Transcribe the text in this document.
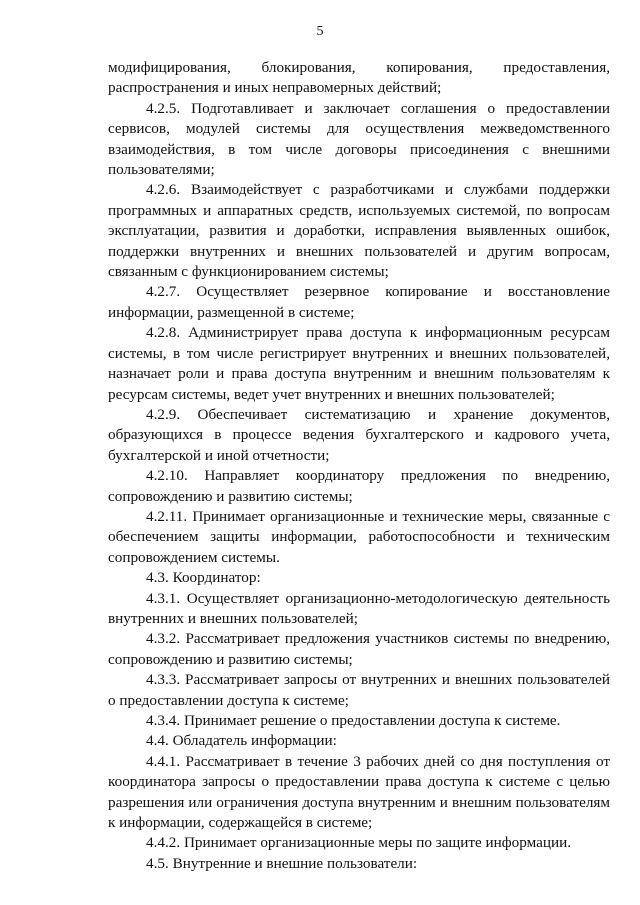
5

модифицирования, блокирования, копирования, предоставления, распространения и иных неправомерных действий;

4.2.5. Подготавливает и заключает соглашения о предоставлении сервисов, модулей системы для осуществления межведомственного взаимодействия, в том числе договоры присоединения с внешними пользователями;

4.2.6. Взаимодействует с разработчиками и службами поддержки программных и аппаратных средств, используемых системой, по вопросам эксплуатации, развития и доработки, исправления выявленных ошибок, поддержки внутренних и внешних пользователей и другим вопросам, связанным с функционированием системы;

4.2.7. Осуществляет резервное копирование и восстановление информации, размещенной в системе;

4.2.8. Администрирует права доступа к информационным ресурсам системы, в том числе регистрирует внутренних и внешних пользователей, назначает роли и права доступа внутренним и внешним пользователям к ресурсам системы, ведет учет внутренних и внешних пользователей;

4.2.9. Обеспечивает систематизацию и хранение документов, образующихся в процессе ведения бухгалтерского и кадрового учета, бухгалтерской и иной отчетности;

4.2.10. Направляет координатору предложения по внедрению, сопровождению и развитию системы;

4.2.11. Принимает организационные и технические меры, связанные с обеспечением защиты информации, работоспособности и техническим сопровождением системы.

4.3. Координатор:

4.3.1. Осуществляет организационно-методологическую деятельность внутренних и внешних пользователей;

4.3.2. Рассматривает предложения участников системы по внедрению, сопровождению и развитию системы;

4.3.3. Рассматривает запросы от внутренних и внешних пользователей о предоставлении доступа к системе;

4.3.4. Принимает решение о предоставлении доступа к системе.

4.4. Обладатель информации:

4.4.1. Рассматривает в течение 3 рабочих дней со дня поступления от координатора запросы о предоставлении права доступа к системе с целью разрешения или ограничения доступа внутренним и внешним пользователям к информации, содержащейся в системе;

4.4.2. Принимает организационные меры по защите информации.

4.5. Внутренние и внешние пользователи:
